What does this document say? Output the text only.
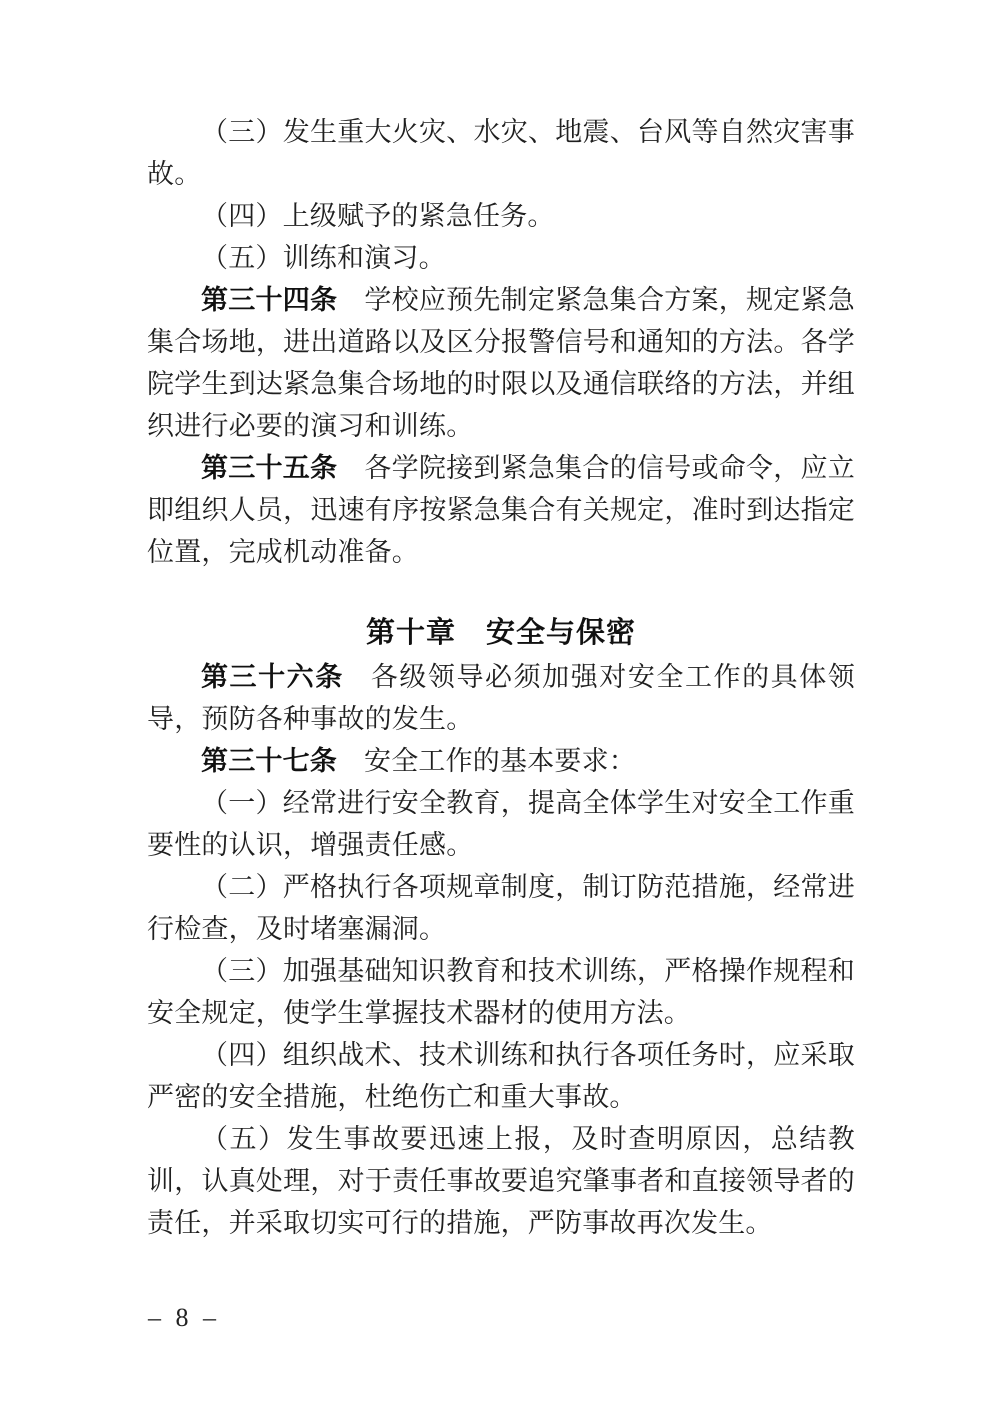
（三）发生重大火灾、水灾、地震、台风等自然灾害事故。

（四）上级赋予的紧急任务。

（五）训练和演习。

第三十四条 学校应预先制定紧急集合方案，规定紧急集合场地，进出道路以及区分报警信号和通知的方法。各学院学生到达紧急集合场地的时限以及通信联络的方法，并组织进行必要的演习和训练。

第三十五条 各学院接到紧急集合的信号或命令，应立即组织人员，迅速有序按紧急集合有关规定，准时到达指定位置，完成机动准备。

第十章　安全与保密

第三十六条 各级领导必须加强对安全工作的具体领导，预防各种事故的发生。

第三十七条 安全工作的基本要求：

（一）经常进行安全教育，提高全体学生对安全工作重要性的认识，增强责任感。

（二）严格执行各项规章制度，制订防范措施，经常进行检查，及时堵塞漏洞。

（三）加强基础知识教育和技术训练，严格操作规程和安全规定，使学生掌握技术器材的使用方法。

（四）组织战术、技术训练和执行各项任务时，应采取严密的安全措施，杜绝伤亡和重大事故。

（五）发生事故要迅速上报，及时查明原因，总结教训，认真处理，对于责任事故要追究肇事者和直接领导者的责任，并采取切实可行的措施，严防事故再次发生。

– 8 –
